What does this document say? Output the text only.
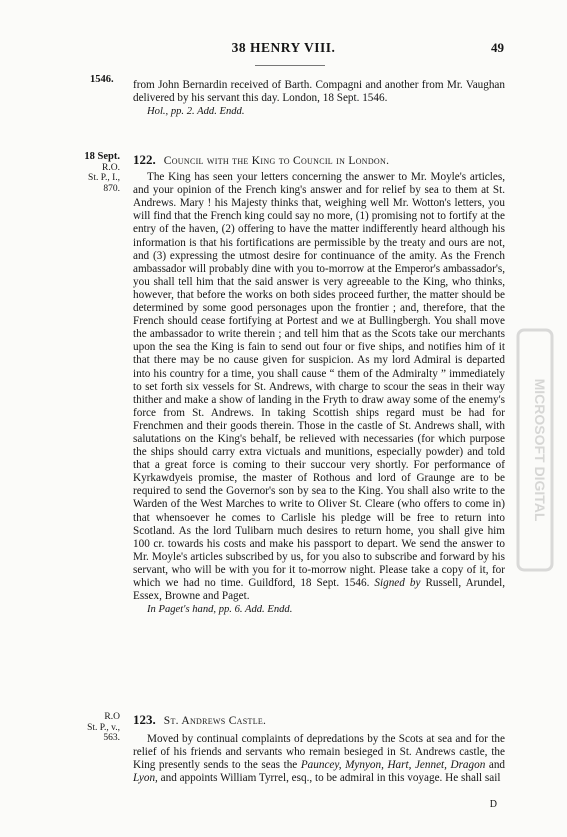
38 HENRY VIII.	49
1546. from John Bernardin received of Barth. Compagni and another from Mr. Vaughan delivered by his servant this day. London, 18 Sept. 1546.

Hol., pp. 2. Add. Endd.
18 Sept.
R.O.
St. P., I.,
870.
122. Council with the King to Council in London.

The King has seen your letters concerning the answer to Mr. Moyle's articles, and your opinion of the French king's answer and for relief by sea to them at St. Andrews. Mary ! his Majesty thinks that, weighing well Mr. Wotton's letters, you will find that the French king could say no more, (1) promising not to fortify at the entry of the haven, (2) offering to have the matter indifferently heard although his information is that his fortifications are permissible by the treaty and ours are not, and (3) expressing the utmost desire for continuance of the amity. As the French ambassador will probably dine with you to-morrow at the Emperor's ambassador's, you shall tell him that the said answer is very agreeable to the King, who thinks, however, that before the works on both sides proceed further, the matter should be determined by some good personages upon the frontier ; and, therefore, that the French should cease fortifying at Portest and we at Bullingbergh. You shall move the ambassador to write therein ; and tell him that as the Scots take our merchants upon the sea the King is fain to send out four or five ships, and notifies him of it that there may be no cause given for suspicion. As my lord Admiral is departed into his country for a time, you shall cause “ them of the Admiralty ” immediately to set forth six vessels for St. Andrews, with charge to scour the seas in their way thither and make a show of landing in the Fryth to draw away some of the enemy's force from St. Andrews. In taking Scottish ships regard must be had for Frenchmen and their goods therein. Those in the castle of St. Andrews shall, with salutations on the King's behalf, be relieved with necessaries (for which purpose the ships should carry extra victuals and munitions, especially powder) and told that a great force is coming to their succour very shortly. For performance of Kyrkawdyeis promise, the master of Rothous and lord of Graunge are to be required to send the Governor's son by sea to the King. You shall also write to the Warden of the West Marches to write to Oliver St. Cleare (who offers to come in) that whensoever he comes to Carlisle his pledge will be free to return into Scotland. As the lord Tulibarn much desires to return home, you shall give him 100 cr. towards his costs and make his passport to depart. We send the answer to Mr. Moyle's articles subscribed by us, for you also to subscribe and forward by his servant, who will be with you for it to-morrow night. Please take a copy of it, for which we had no time. Guildford, 18 Sept. 1546. Signed by Russell, Arundel, Essex, Browne and Paget.

In Paget's hand, pp. 6. Add. Endd.
R.O
St. P., v.,
563.
123. St. Andrews Castle.

Moved by continual complaints of depredations by the Scots at sea and for the relief of his friends and servants who remain besieged in St. Andrews castle, the King presently sends to the seas the Pauncey, Mynyon, Hart, Jennet, Dragon and Lyon, and appoints William Tyrrel, esq., to be admiral in this voyage. He shall sail

D
MICROSOFT DIGITAL
